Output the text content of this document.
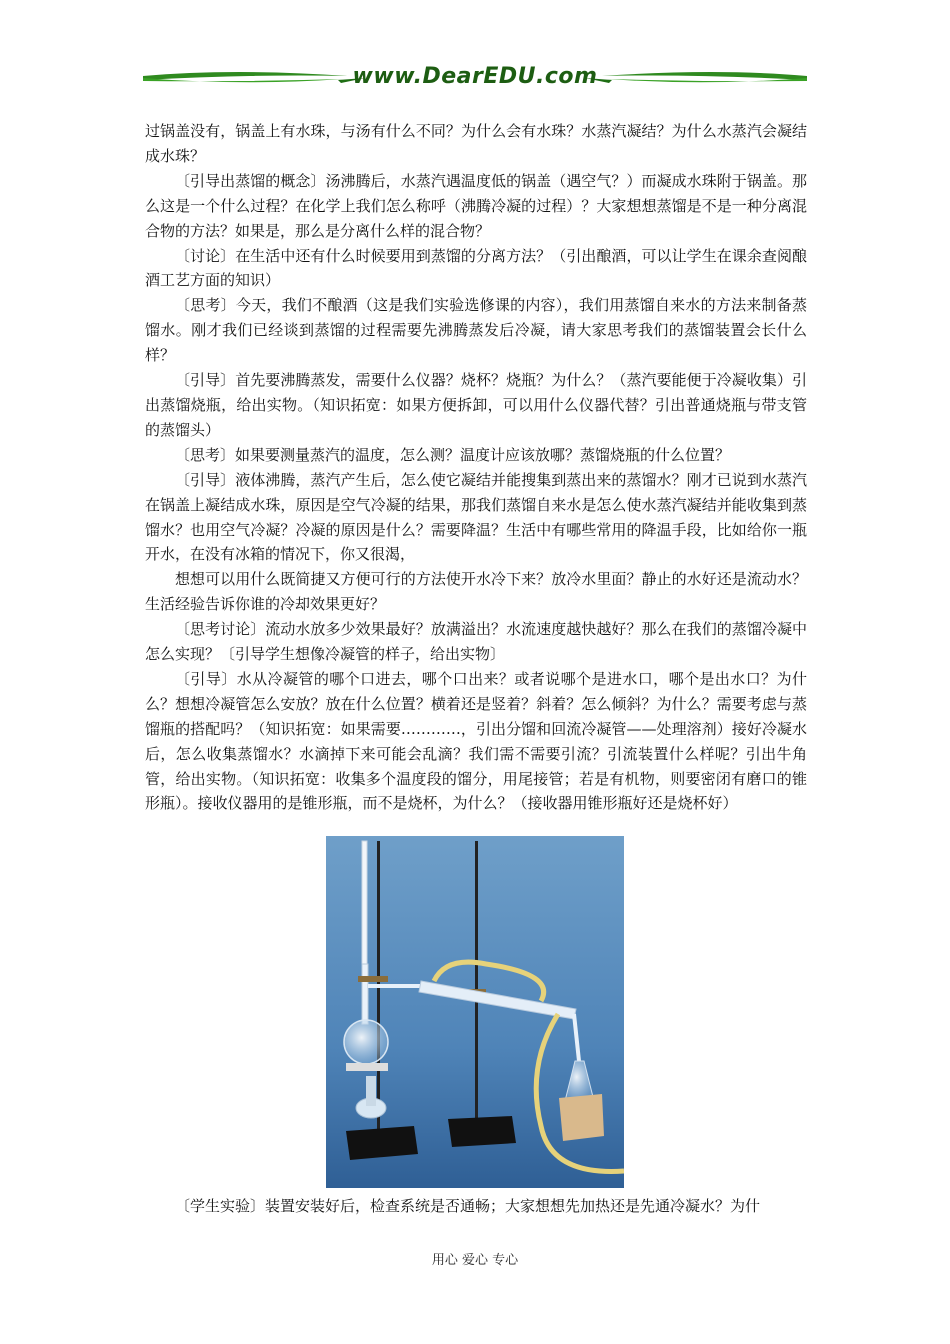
www.DearEDU.com

过锅盖没有，锅盖上有水珠，与汤有什么不同？为什么会有水珠？水蒸汽凝结？为什么水蒸汽会凝结成水珠？

〔引导出蒸馏的概念〕汤沸腾后，水蒸汽遇温度低的锅盖（遇空气？）而凝成水珠附于锅盖。那么这是一个什么过程？在化学上我们怎么称呼（沸腾冷凝的过程）？大家想想蒸馏是不是一种分离混合物的方法？如果是，那么是分离什么样的混合物？

〔讨论〕在生活中还有什么时候要用到蒸馏的分离方法？（引出酿酒，可以让学生在课余查阅酿酒工艺方面的知识）

〔思考〕今天，我们不酿酒（这是我们实验选修课的内容），我们用蒸馏自来水的方法来制备蒸馏水。刚才我们已经谈到蒸馏的过程需要先沸腾蒸发后冷凝，请大家思考我们的蒸馏装置会长什么样？

〔引导〕首先要沸腾蒸发，需要什么仪器？烧杯？烧瓶？为什么？（蒸汽要能便于冷凝收集）引出蒸馏烧瓶，给出实物。（知识拓宽：如果方便拆卸，可以用什么仪器代替？引出普通烧瓶与带支管的蒸馏头）

〔思考〕如果要测量蒸汽的温度，怎么测？温度计应该放哪？蒸馏烧瓶的什么位置？

〔引导〕液体沸腾，蒸汽产生后，怎么使它凝结并能搜集到蒸出来的蒸馏水？刚才已说到水蒸汽在锅盖上凝结成水珠，原因是空气冷凝的结果，那我们蒸馏自来水是怎么使水蒸汽凝结并能收集到蒸馏水？也用空气冷凝？冷凝的原因是什么？需要降温？生活中有哪些常用的降温手段，比如给你一瓶开水，在没有冰箱的情况下，你又很渴，

想想可以用什么既简捷又方便可行的方法使开水冷下来？放冷水里面？静止的水好还是流动水？生活经验告诉你谁的冷却效果更好？

〔思考讨论〕流动水放多少效果最好？放满溢出？水流速度越快越好？那么在我们的蒸馏冷凝中怎么实现？〔引导学生想像冷凝管的样子，给出实物〕

〔引导〕水从冷凝管的哪个口进去，哪个口出来？或者说哪个是进水口，哪个是出水口？为什么？想想冷凝管怎么安放？放在什么位置？横着还是竖着？斜着？怎么倾斜？为什么？需要考虑与蒸馏瓶的搭配吗？（知识拓宽：如果需要…………，引出分馏和回流冷凝管——处理溶剂）接好冷凝水后，怎么收集蒸馏水？水滴掉下来可能会乱滴？我们需不需要引流？引流装置什么样呢？引出牛角管，给出实物。（知识拓宽：收集多个温度段的馏分，用尾接管；若是有机物，则要密闭有磨口的锥形瓶）。接收仪器用的是锥形瓶，而不是烧杯，为什么？（接收器用锥形瓶好还是烧杯好）

〔学生实验〕装置安装好后，检查系统是否通畅；大家想想先加热还是先通冷凝水？为什

用心 爱心 专心
